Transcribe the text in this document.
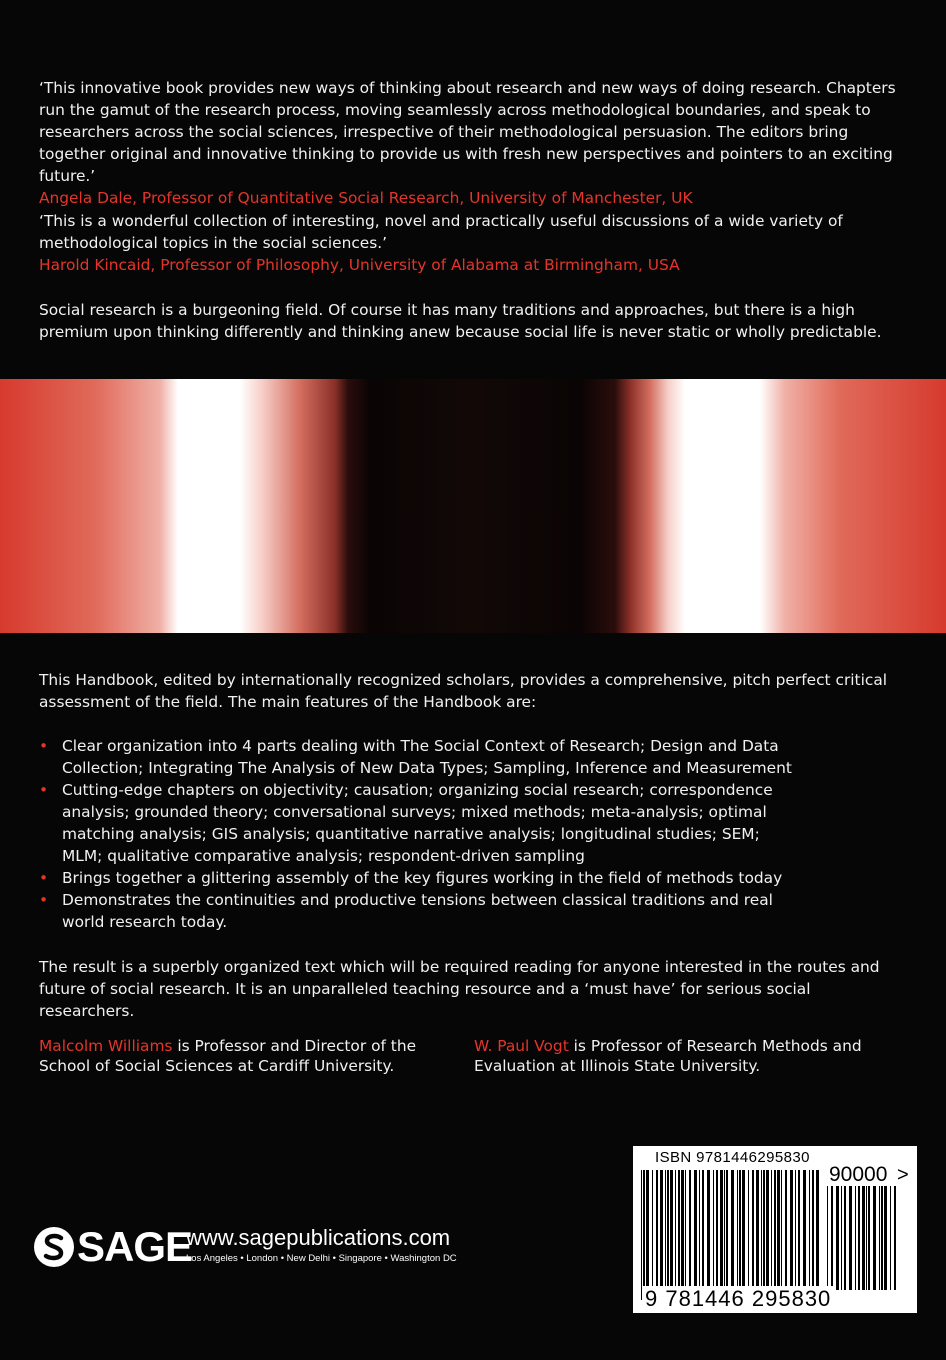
‘This innovative book provides new ways of thinking about research and new ways of doing research. Chapters run the gamut of the research process, moving seamlessly across methodological boundaries, and speak to researchers across the social sciences, irrespective of their methodological persuasion. The editors bring together original and innovative thinking to provide us with fresh new perspectives and pointers to an exciting future.’
Angela Dale, Professor of Quantitative Social Research, University of Manchester, UK
‘This is a wonderful collection of interesting, novel and practically useful discussions of a wide variety of methodological topics in the social sciences.’
Harold Kincaid, Professor of Philosophy, University of Alabama at Birmingham, USA
Social research is a burgeoning field. Of course it has many traditions and approaches, but there is a high premium upon thinking differently and thinking anew because social life is never static or wholly predictable.
This Handbook, edited by internationally recognized scholars, provides a comprehensive, pitch perfect critical assessment of the field. The main features of the Handbook are:
• Clear organization into 4 parts dealing with The Social Context of Research; Design and Data Collection; Integrating The Analysis of New Data Types; Sampling, Inference and Measurement
• Cutting-edge chapters on objectivity; causation; organizing social research; correspondence analysis; grounded theory; conversational surveys; mixed methods; meta-analysis; optimal matching analysis; GIS analysis; quantitative narrative analysis; longitudinal studies; SEM; MLM; qualitative comparative analysis; respondent-driven sampling
• Brings together a glittering assembly of the key figures working in the field of methods today
• Demonstrates the continuities and productive tensions between classical traditions and real world research today.
The result is a superbly organized text which will be required reading for anyone interested in the routes and future of social research. It is an unparalleled teaching resource and a ‘must have’ for serious social researchers.
Malcolm Williams is Professor and Director of the School of Social Sciences at Cardiff University.
W. Paul Vogt is Professor of Research Methods and Evaluation at Illinois State University.
SAGE
www.sagepublications.com
Los Angeles • London • New Delhi • Singapore • Washington DC
ISBN 9781446295830
90000 >
9 781446 295830
